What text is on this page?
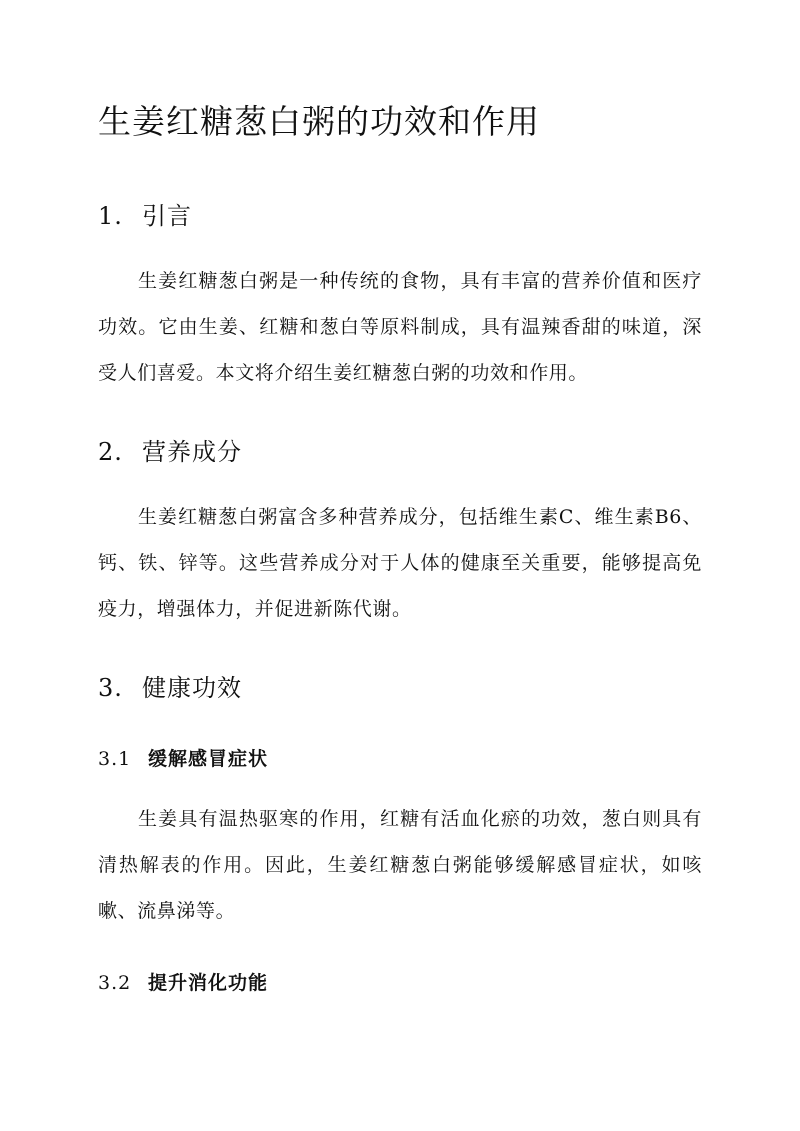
生姜红糖葱白粥的功效和作用
1. 引言

生姜红糖葱白粥是一种传统的食物，具有丰富的营养价值和医疗功效。它由生姜、红糖和葱白等原料制成，具有温辣香甜的味道，深受人们喜爱。本文将介绍生姜红糖葱白粥的功效和作用。

2. 营养成分

生姜红糖葱白粥富含多种营养成分，包括维生素C、维生素B6、钙、铁、锌等。这些营养成分对于人体的健康至关重要，能够提高免疫力，增强体力，并促进新陈代谢。

3. 健康功效
3.1 缓解感冒症状

生姜具有温热驱寒的作用，红糖有活血化瘀的功效，葱白则具有清热解表的作用。因此，生姜红糖葱白粥能够缓解感冒症状，如咳嗽、流鼻涕等。

3.2 提升消化功能
